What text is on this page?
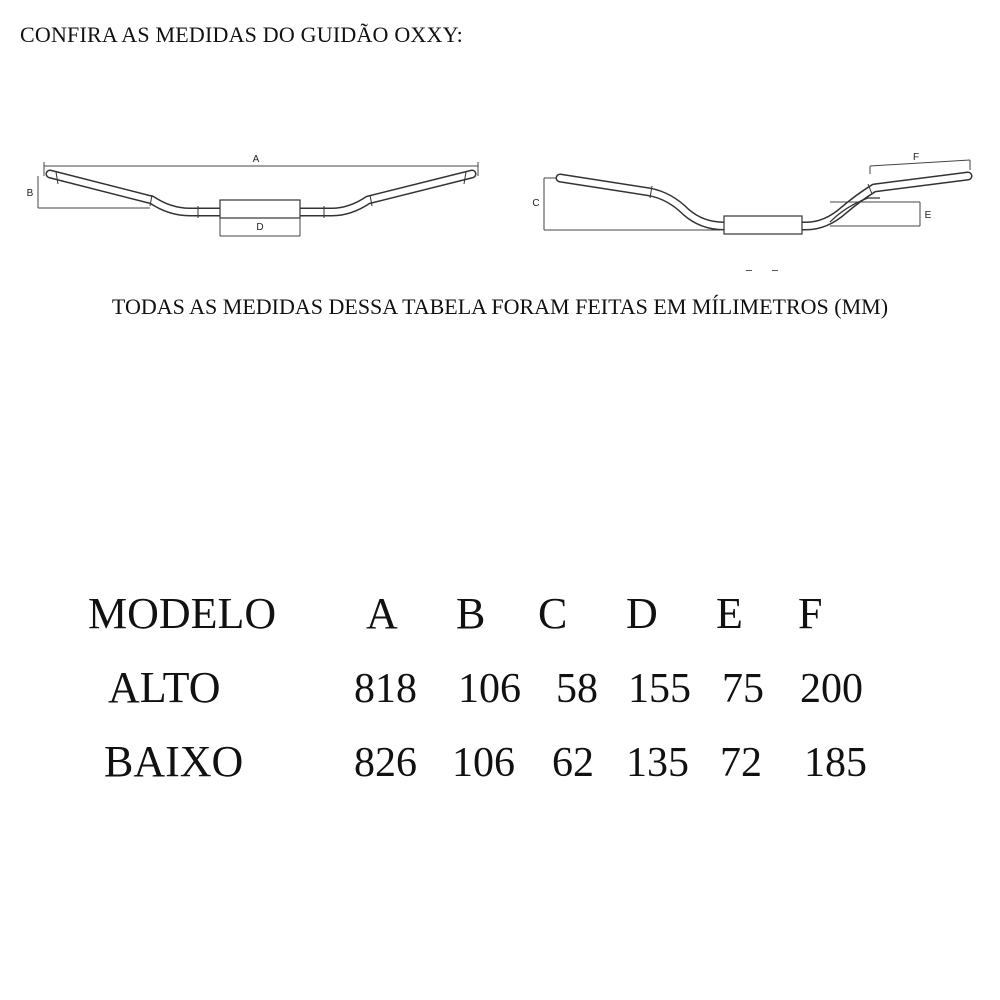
CONFIRA AS MEDIDAS DO GUIDÃO OXXY:
A
B
D
C
F
E
TODAS AS MEDIDAS DESSA TABELA FORAM FEITAS EM MÍLIMETROS (MM)
MODELO A B C D E F
ALTO	818 106 58 155 75 200
BAIXO	826 106 62 135 72 185
